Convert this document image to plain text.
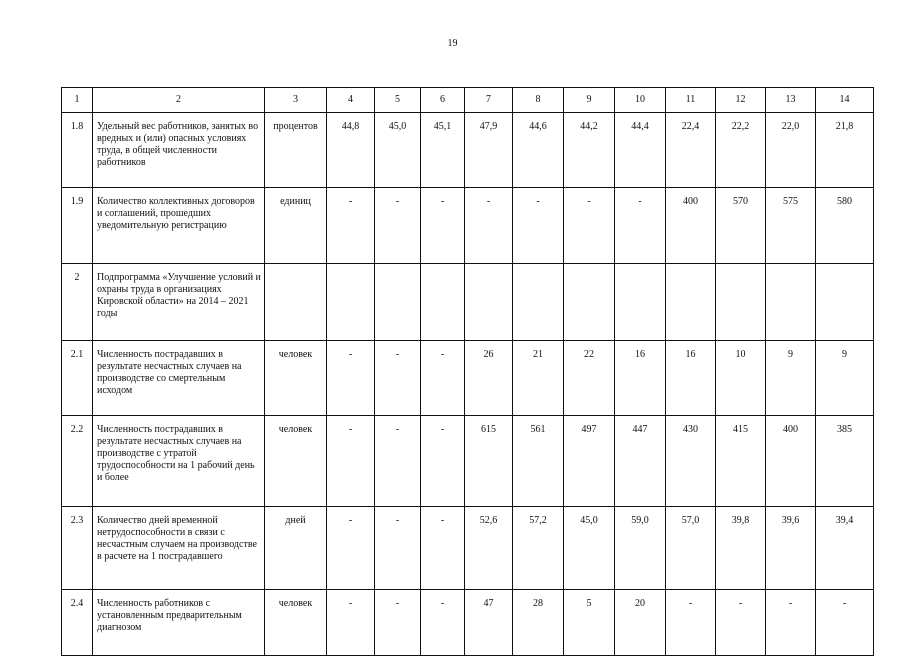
19
1	2	3	4	5	6	7	8	9	10	11	12	13	14
1.8	Удельный вес работников, занятых во вредных и (или) опасных условиях труда, в общей численности работников	процентов	44,8	45,0	45,1	47,9	44,6	44,2	44,4	22,4	22,2	22,0	21,8
1.9	Количество коллективных договоров и соглашений, прошедших уведомительную регистрацию	единиц	-	-	-	-	-	-	-	400	570	575	580
2	Подпрограмма «Улучшение условий и охраны труда в организациях Кировской области» на 2014 – 2021 годы												
2.1	Численность пострадавших в результате несчастных случаев на производстве со смертельным исходом	человек	-	-	-	26	21	22	16	16	10	9	9
2.2	Численность пострадавших в результате несчастных случаев на производстве с утратой трудоспособности на 1 рабочий день и более	человек	-	-	-	615	561	497	447	430	415	400	385
2.3	Количество дней временной нетрудоспособности в связи с несчастным случаем на производстве в расчете на 1 пострадавшего	дней	-	-	-	52,6	57,2	45,0	59,0	57,0	39,8	39,6	39,4
2.4	Численность работников с установленным предварительным диагнозом	человек	-	-	-	47	28	5	20	-	-	-	-
